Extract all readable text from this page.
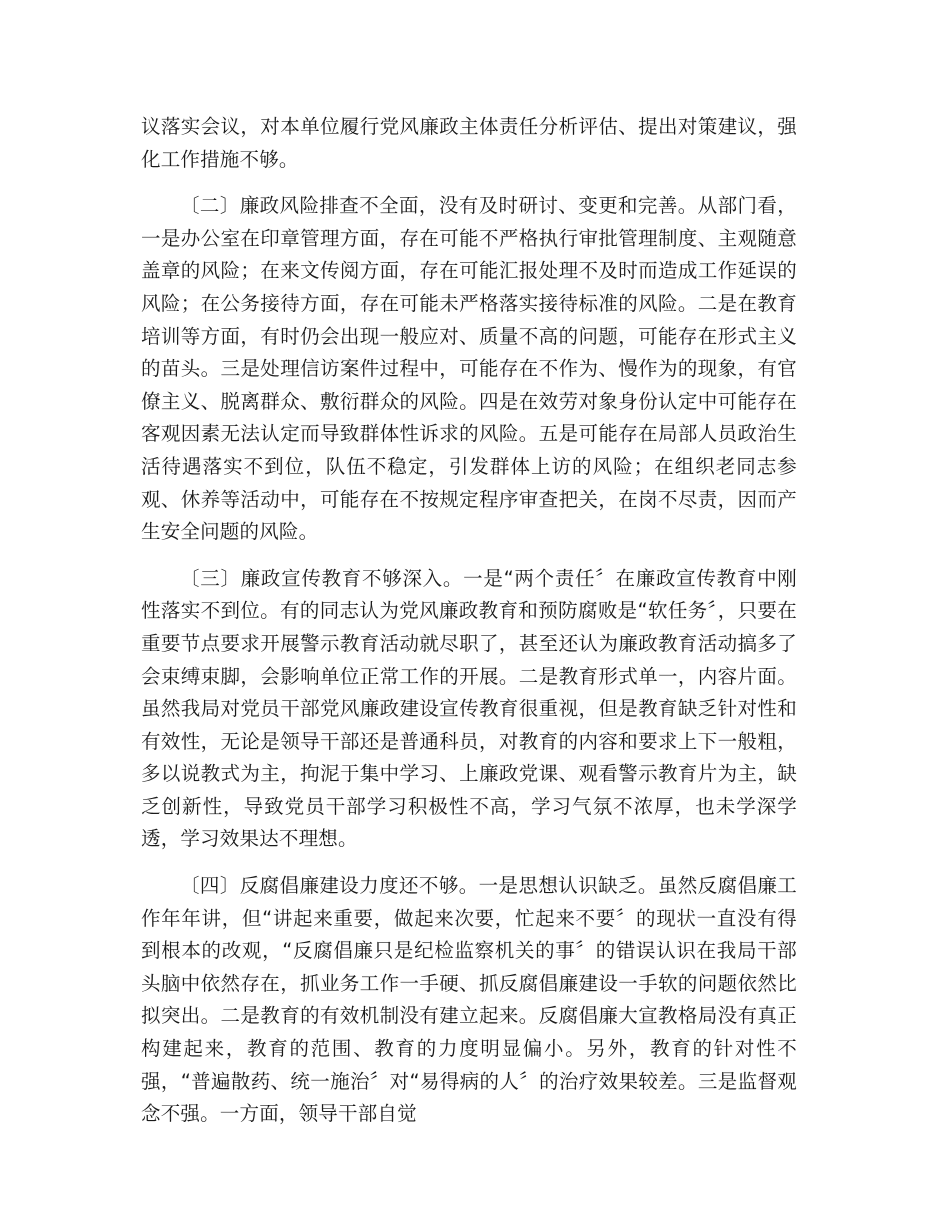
议落实会议，对本单位履行党风廉政主体责任分析评估、提出对策建议，强化工作措施不够。

〔二〕廉政风险排查不全面，没有及时研讨、变更和完善。从部门看，一是办公室在印章管理方面，存在可能不严格执行审批管理制度、主观随意盖章的风险；在来文传阅方面，存在可能汇报处理不及时而造成工作延误的风险；在公务接待方面，存在可能未严格落实接待标准的风险。二是在教育培训等方面，有时仍会出现一般应对、质量不高的问题，可能存在形式主义的苗头。三是处理信访案件过程中，可能存在不作为、慢作为的现象，有官僚主义、脱离群众、敷衍群众的风险。四是在效劳对象身份认定中可能存在客观因素无法认定而导致群体性诉求的风险。五是可能存在局部人员政治生活待遇落实不到位，队伍不稳定，引发群体上访的风险；在组织老同志参观、休养等活动中，可能存在不按规定程序审查把关，在岗不尽责，因而产生安全问题的风险。

〔三〕廉政宣传教育不够深入。一是“两个责任〞在廉政宣传教育中刚性落实不到位。有的同志认为党风廉政教育和预防腐败是“软任务〞，只要在重要节点要求开展警示教育活动就尽职了，甚至还认为廉政教育活动搞多了会束缚束脚，会影响单位正常工作的开展。二是教育形式单一，内容片面。虽然我局对党员干部党风廉政建设宣传教育很重视，但是教育缺乏针对性和有效性，无论是领导干部还是普通科员，对教育的内容和要求上下一般粗，多以说教式为主，拘泥于集中学习、上廉政党课、观看警示教育片为主，缺乏创新性，导致党员干部学习积极性不高，学习气氛不浓厚，也未学深学透，学习效果达不理想。

〔四〕反腐倡廉建设力度还不够。一是思想认识缺乏。虽然反腐倡廉工作年年讲，但“讲起来重要，做起来次要，忙起来不要〞的现状一直没有得到根本的改观，“反腐倡廉只是纪检监察机关的事〞的错误认识在我局干部头脑中依然存在，抓业务工作一手硬、抓反腐倡廉建设一手软的问题依然比拟突出。二是教育的有效机制没有建立起来。反腐倡廉大宣教格局没有真正构建起来，教育的范围、教育的力度明显偏小。另外，教育的针对性不强，“普遍散药、统一施治〞对“易得病的人〞的治疗效果较差。三是监督观念不强。一方面，领导干部自觉
